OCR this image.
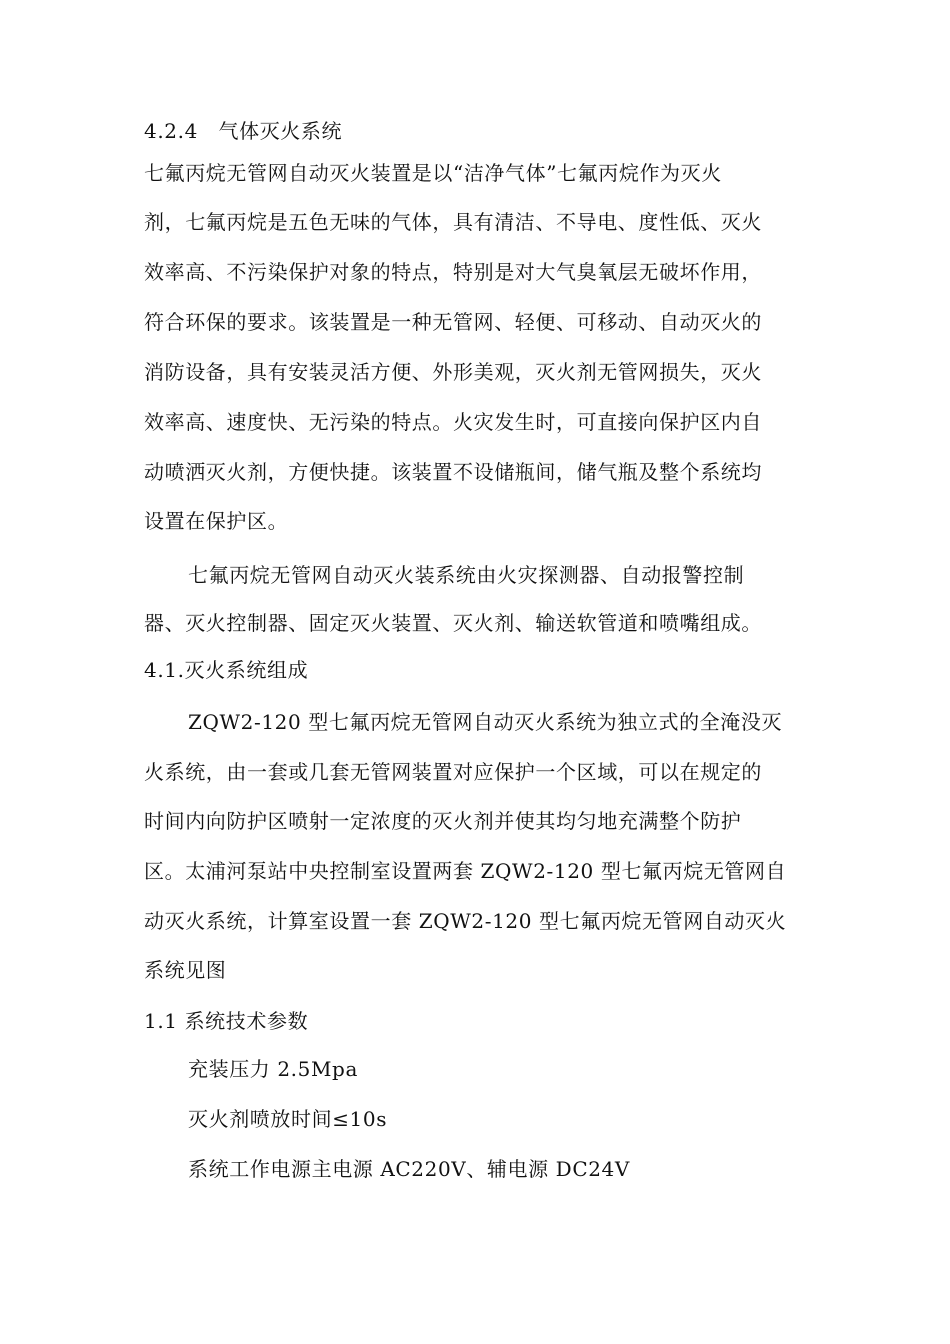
4.2.4　气体灭火系统
七氟丙烷无管网自动灭火装置是以“洁净气体”七氟丙烷作为灭火
剂，七氟丙烷是五色无味的气体，具有清洁、不导电、度性低、灭火
效率高、不污染保护对象的特点，特别是对大气臭氧层无破坏作用，
符合环保的要求。该装置是一种无管网、轻便、可移动、自动灭火的
消防设备，具有安装灵活方便、外形美观，灭火剂无管网损失，灭火
效率高、速度快、无污染的特点。火灾发生时，可直接向保护区内自
动喷洒灭火剂，方便快捷。该装置不设储瓶间，储气瓶及整个系统均
设置在保护区。
七氟丙烷无管网自动灭火装系统由火灾探测器、自动报警控制
器、灭火控制器、固定灭火装置、灭火剂、输送软管道和喷嘴组成。
4.1.灭火系统组成
ZQW2-120 型七氟丙烷无管网自动灭火系统为独立式的全淹没灭
火系统，由一套或几套无管网装置对应保护一个区域，可以在规定的
时间内向防护区喷射一定浓度的灭火剂并使其均匀地充满整个防护
区。太浦河泵站中央控制室设置两套 ZQW2-120 型七氟丙烷无管网自
动灭火系统，计算室设置一套 ZQW2-120 型七氟丙烷无管网自动灭火
系统见图
1.1 系统技术参数
充装压力 2.5Mpa
灭火剂喷放时间≤10s
系统工作电源主电源 AC220V、辅电源 DC24V
